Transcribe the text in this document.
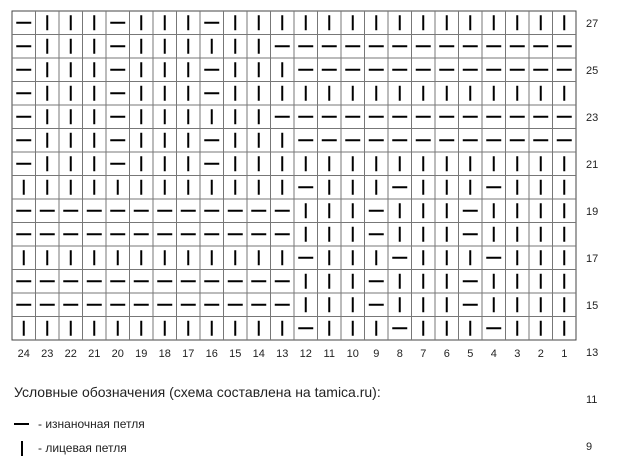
24 23 22 21 20 19 18 17 16 15 14 13 12 11 10 9 8 7 6 5 4 3 2 1
27
25
23
21
19
17
15
13
11
9
Условные обозначения (схема составлена на tamica.ru):
- изнаночная петля
- лицевая петля
